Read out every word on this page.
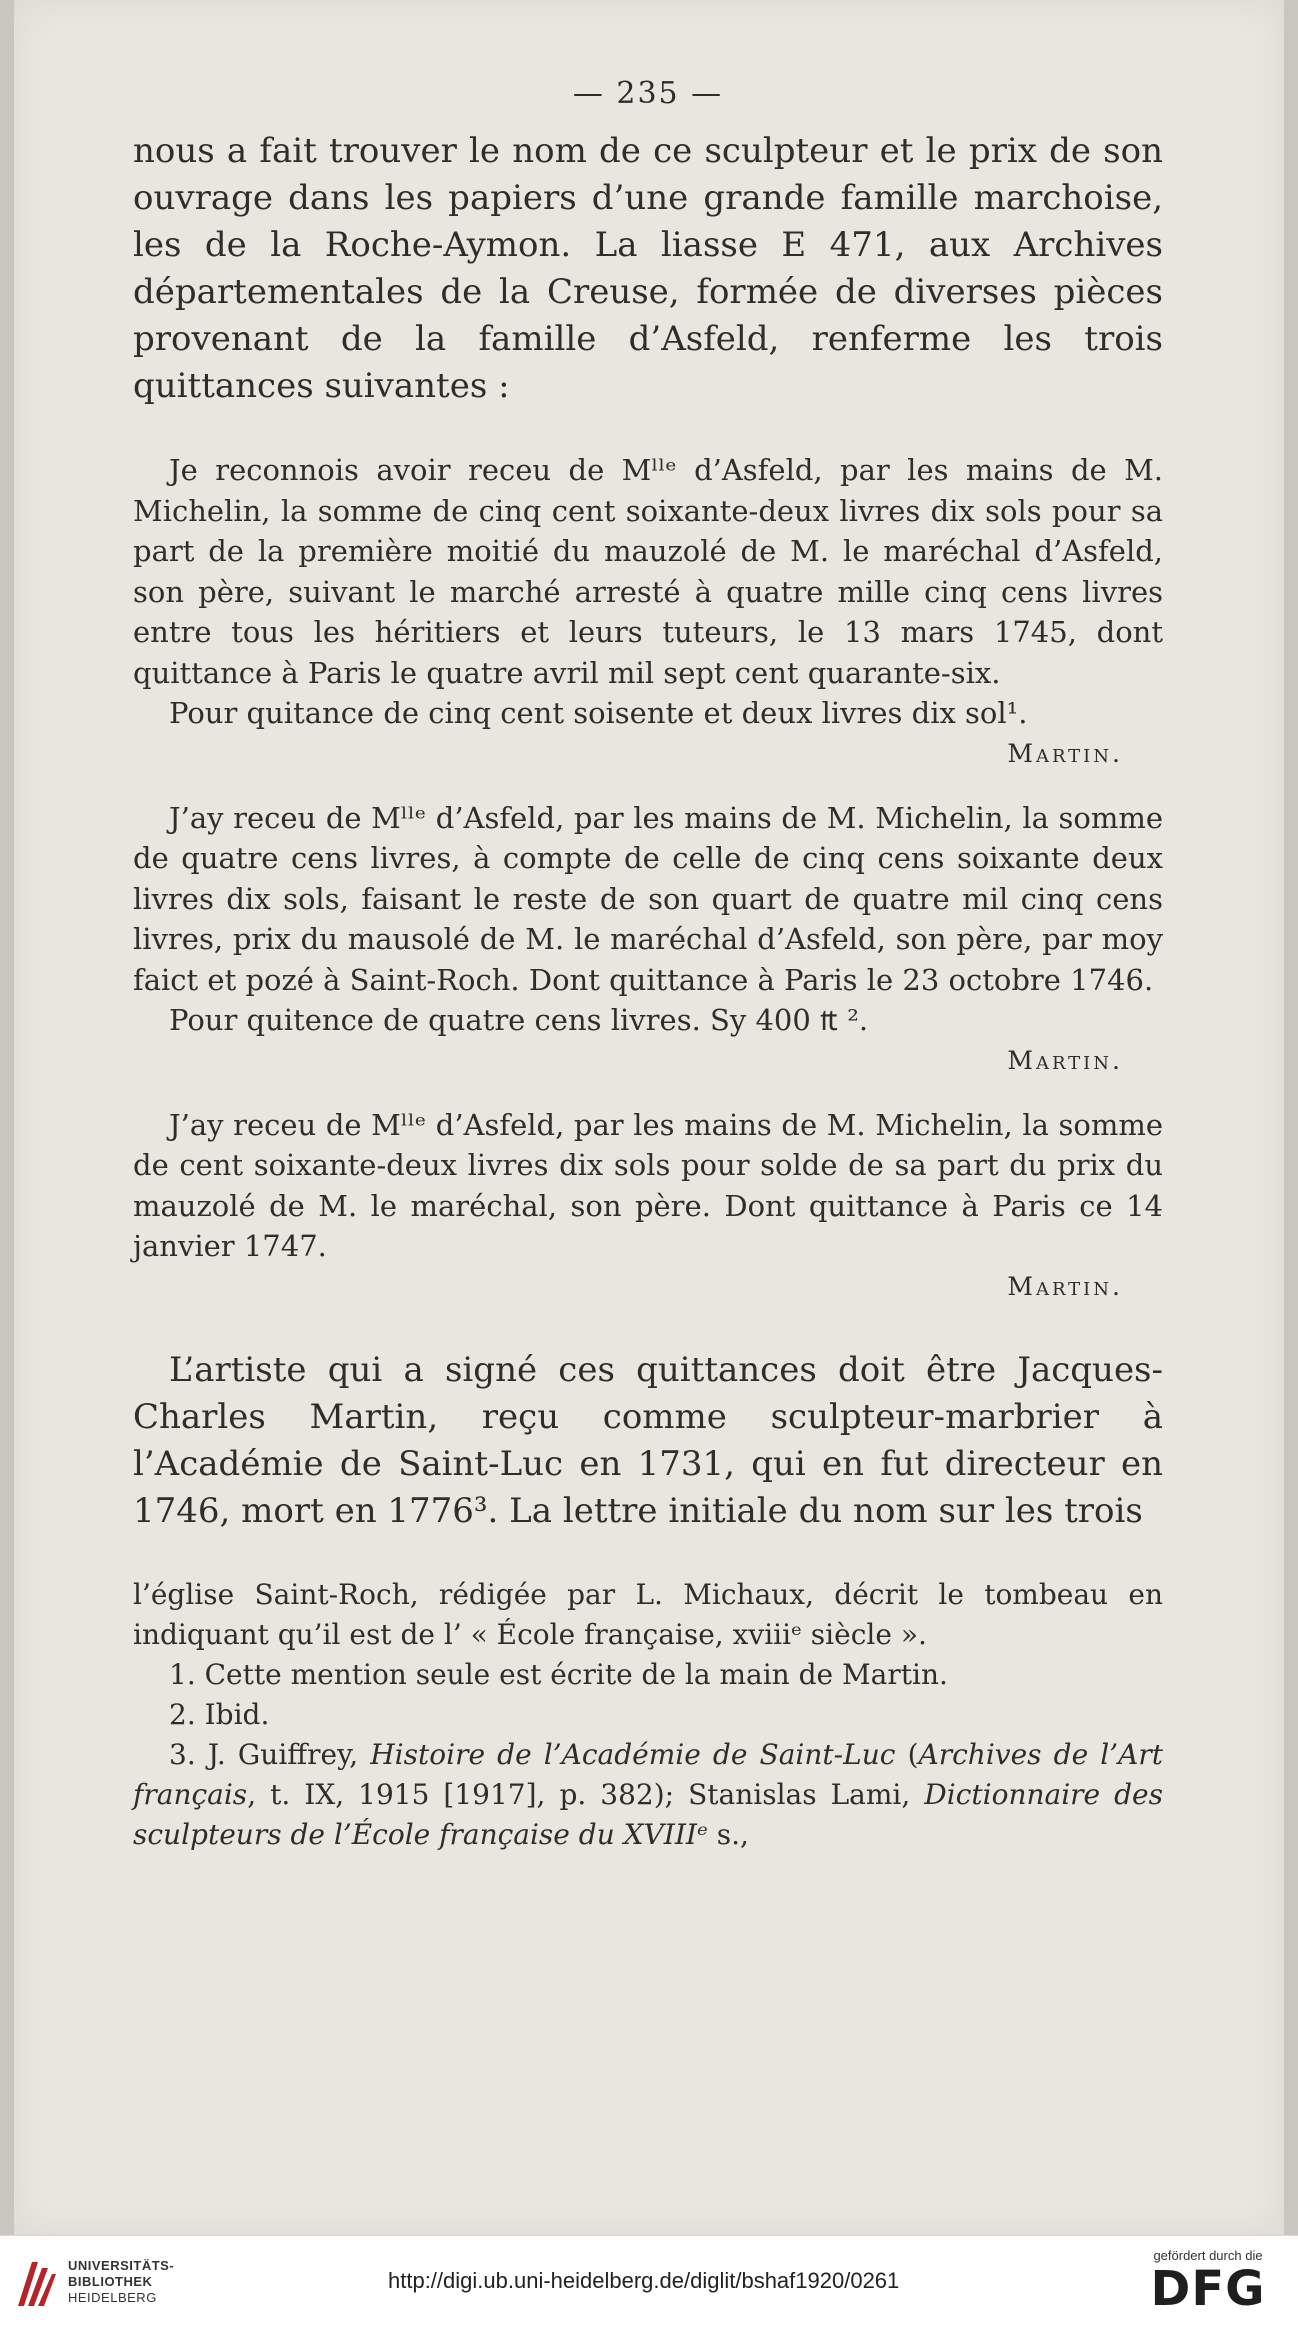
— 235 —

nous a fait trouver le nom de ce sculpteur et le prix de son ouvrage dans les papiers d’une grande famille marchoise, les de la Roche-Aymon. La liasse E 471, aux Archives départementales de la Creuse, formée de diverses pièces provenant de la famille d’Asfeld, renferme les trois quittances suivantes :

Je reconnois avoir receu de Mˡˡᵉ d’Asfeld, par les mains de M. Michelin, la somme de cinq cent soixante-deux livres dix sols pour sa part de la première moitié du mauzolé de M. le maréchal d’Asfeld, son père, suivant le marché arresté à quatre mille cinq cens livres entre tous les héritiers et leurs tuteurs, le 13 mars 1745, dont quittance à Paris le quatre avril mil sept cent quarante-six.

Pour quitance de cinq cent soisente et deux livres dix sol¹.

Martin.

J’ay receu de Mˡˡᵉ d’Asfeld, par les mains de M. Michelin, la somme de quatre cens livres, à compte de celle de cinq cens soixante deux livres dix sols, faisant le reste de son quart de quatre mil cinq cens livres, prix du mausolé de M. le maréchal d’Asfeld, son père, par moy faict et pozé à Saint-Roch. Dont quittance à Paris le 23 octobre 1746.

Pour quitence de quatre cens livres. Sy 400 ₶ ².

Martin.

J’ay receu de Mˡˡᵉ d’Asfeld, par les mains de M. Michelin, la somme de cent soixante-deux livres dix sols pour solde de sa part du prix du mauzolé de M. le maréchal, son père. Dont quittance à Paris ce 14 janvier 1747.

Martin.

L’artiste qui a signé ces quittances doit être Jacques-Charles Martin, reçu comme sculpteur-marbrier à l’Académie de Saint-Luc en 1731, qui en fut directeur en 1746, mort en 1776³. La lettre initiale du nom sur les trois

l’église Saint-Roch, rédigée par L. Michaux, décrit le tombeau en indiquant qu’il est de l’ « École française, xviiiᵉ siècle ».

1. Cette mention seule est écrite de la main de Martin.

2. Ibid.

3. J. Guiffrey, Histoire de l’Académie de Saint-Luc (Archives de l’Art français, t. IX, 1915 [1917], p. 382); Stanislas Lami, Dictionnaire des sculpteurs de l’École française du XVIIIᵉ s.,

UNIVERSITÄTS-
BIBLIOTHEK
HEIDELBERG
http://digi.ub.uni-heidelberg.de/diglit/bshaf1920/0261
gefördert durch die
DFG
